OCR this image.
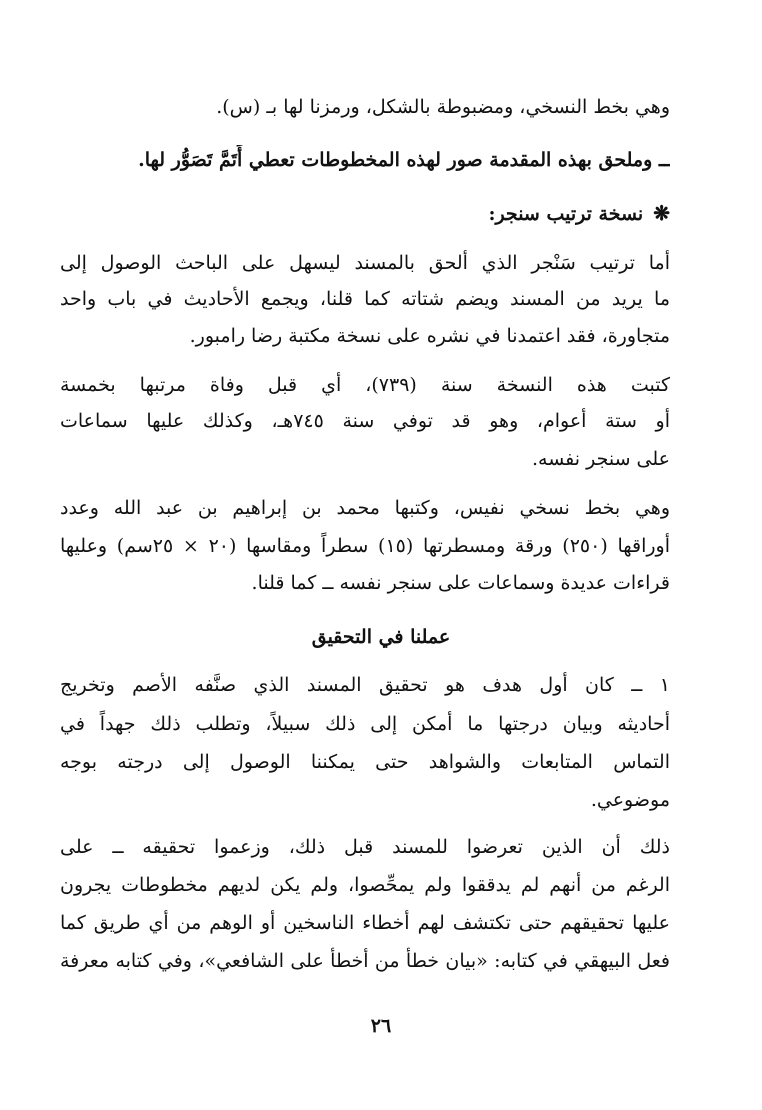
وهي بخط النسخي، ومضبوطة بالشكل، ورمزنا لها بـ (س).
ــ وملحق بهذه المقدمة صور لهذه المخطوطات تعطي أَتَمَّ تَصَوُّر لها.
❋نسخة ترتيب سنجر:
أما ترتيب سَنْجر الذي ألحق بالمسند ليسهل على الباحث الوصول إلى
ما يريد من المسند ويضم شتاته كما قلنا، ويجمع الأحاديث في باب واحد
متجاورة، فقد اعتمدنا في نشره على نسخة مكتبة رضا رامبور.
كتبت هذه النسخة سنة (٧٣٩)، أي قبل وفاة مرتبها بخمسة
أو ستة أعوام، وهو قد توفي سنة ٧٤٥هـ، وكذلك عليها سماعات
على سنجر نفسه.
وهي بخط نسخي نفيس، وكتبها محمد بن إبراهيم بن عبد الله وعدد
أوراقها (٢٥٠) ورقة ومسطرتها (١٥) سطراً ومقاسها (٢٠ × ٢٥سم) وعليها
قراءات عديدة وسماعات على سنجر نفسه ــ كما قلنا.
عملنا في التحقيق
١ ــ كان أول هدف هو تحقيق المسند الذي صنَّفه الأصم وتخريج
أحاديثه وبيان درجتها ما أمكن إلى ذلك سبيلاً، وتطلب ذلك جهداً في
التماس المتابعات والشواهد حتى يمكننا الوصول إلى درجته بوجه
موضوعي.
ذلك أن الذين تعرضوا للمسند قبل ذلك، وزعموا تحقيقه ــ على
الرغم من أنهم لم يدققوا ولم يمحِّصوا، ولم يكن لديهم مخطوطات يجرون
عليها تحقيقهم حتى تكتشف لهم أخطاء الناسخين أو الوهم من أي طريق كما
فعل البيهقي في كتابه: «بيان خطأ من أخطأ على الشافعي»، وفي كتابه معرفة
٢٦
